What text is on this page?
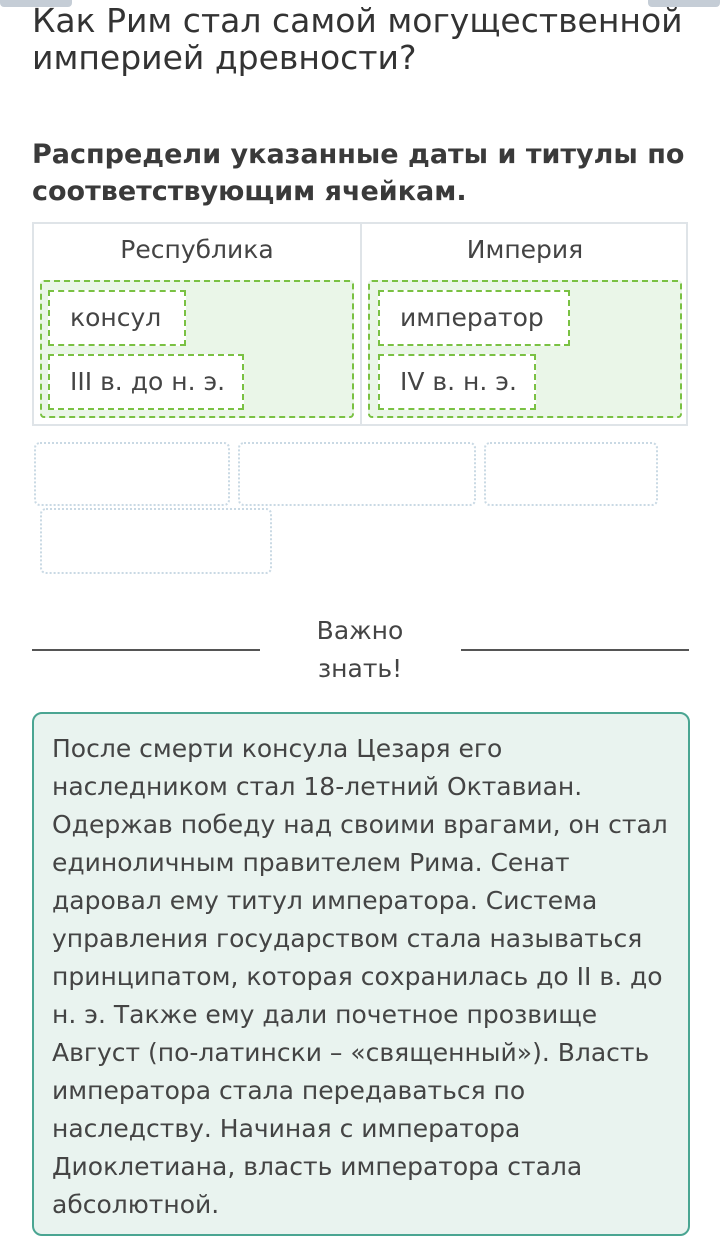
Как Рим стал самой могущественной империей древности?

Распредели указанные даты и титулы по соответствующим ячейкам.

Республика	Империя
консул
III в. до н. э.
император
IV в. н. э.
Важно
знать!

После смерти консула Цезаря его наследником стал 18-летний Октавиан. Одержав победу над своими врагами, он стал единоличным правителем Рима. Сенат даровал ему титул императора. Система управления государством стала называться принципатом, которая сохранилась до II в. до н. э. Также ему дали почетное прозвище Август (по-латински – «священный»). Власть императора стала передаваться по наследству. Начиная с императора Диоклетиана, власть императора стала абсолютной.
